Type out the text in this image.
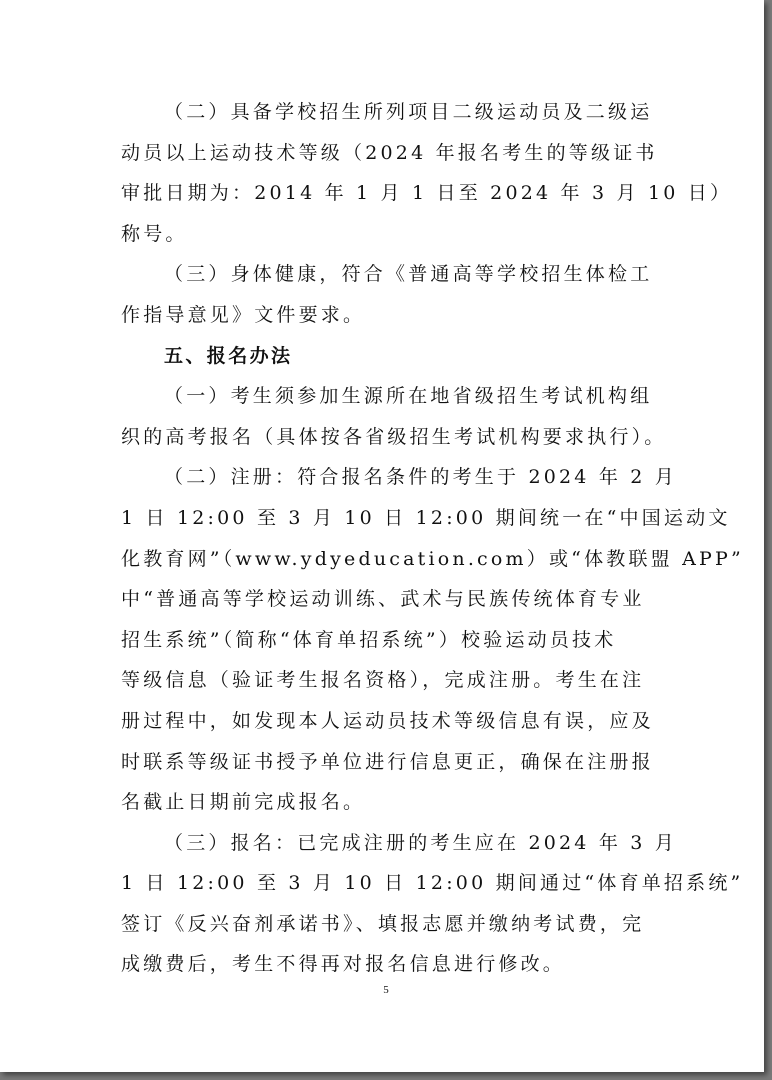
（二）具备学校招生所列项目二级运动员及二级运
动员以上运动技术等级（2024 年报名考生的等级证书
审批日期为：2014 年 1 月 1 日至 2024 年 3 月 10 日）
称号。
（三）身体健康，符合《普通高等学校招生体检工
作指导意见》文件要求。
五、报名办法
（一）考生须参加生源所在地省级招生考试机构组
织的高考报名（具体按各省级招生考试机构要求执行）。
（二）注册：符合报名条件的考生于 2024 年 2 月
1 日 12:00 至 3 月 10 日 12:00 期间统一在“中国运动文
化教育网”（www.ydyeducation.com）或“体教联盟 APP”
中“普通高等学校运动训练、武术与民族传统体育专业
招生系统”（简称“体育单招系统”）校验运动员技术
等级信息（验证考生报名资格），完成注册。考生在注
册过程中，如发现本人运动员技术等级信息有误，应及
时联系等级证书授予单位进行信息更正，确保在注册报
名截止日期前完成报名。
（三）报名：已完成注册的考生应在 2024 年 3 月
1 日 12:00 至 3 月 10 日 12:00 期间通过“体育单招系统”
签订《反兴奋剂承诺书》、填报志愿并缴纳考试费，完
成缴费后，考生不得再对报名信息进行修改。
5
